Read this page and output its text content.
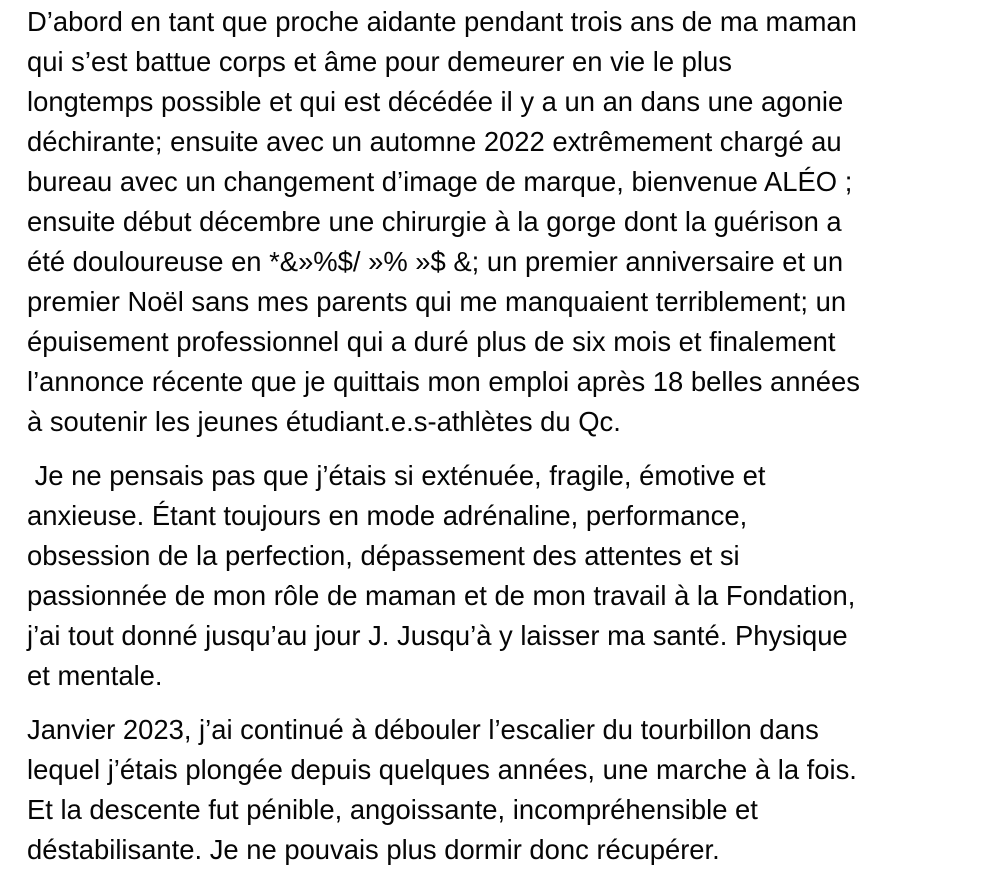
D’abord en tant que proche aidante pendant trois ans de ma maman
qui s’est battue corps et âme pour demeurer en vie le plus
longtemps possible et qui est décédée il y a un an dans une agonie
déchirante; ensuite avec un automne 2022 extrêmement chargé au
bureau avec un changement d’image de marque, bienvenue ALÉO ;
ensuite début décembre une chirurgie à la gorge dont la guérison a
été douloureuse en *&»%$/ »% »$ &; un premier anniversaire et un
premier Noël sans mes parents qui me manquaient terriblement; un
épuisement professionnel qui a duré plus de six mois et finalement
l’annonce récente que je quittais mon emploi après 18 belles années
à soutenir les jeunes étudiant.e.s-athlètes du Qc.

Je ne pensais pas que j’étais si exténuée, fragile, émotive et
anxieuse. Étant toujours en mode adrénaline, performance,
obsession de la perfection, dépassement des attentes et si
passionnée de mon rôle de maman et de mon travail à la Fondation,
j’ai tout donné jusqu’au jour J. Jusqu’à y laisser ma santé. Physique
et mentale.

Janvier 2023, j’ai continué à débouler l’escalier du tourbillon dans
lequel j’étais plongée depuis quelques années, une marche à la fois.
Et la descente fut pénible, angoissante, incompréhensible et
déstabilisante. Je ne pouvais plus dormir donc récupérer.
